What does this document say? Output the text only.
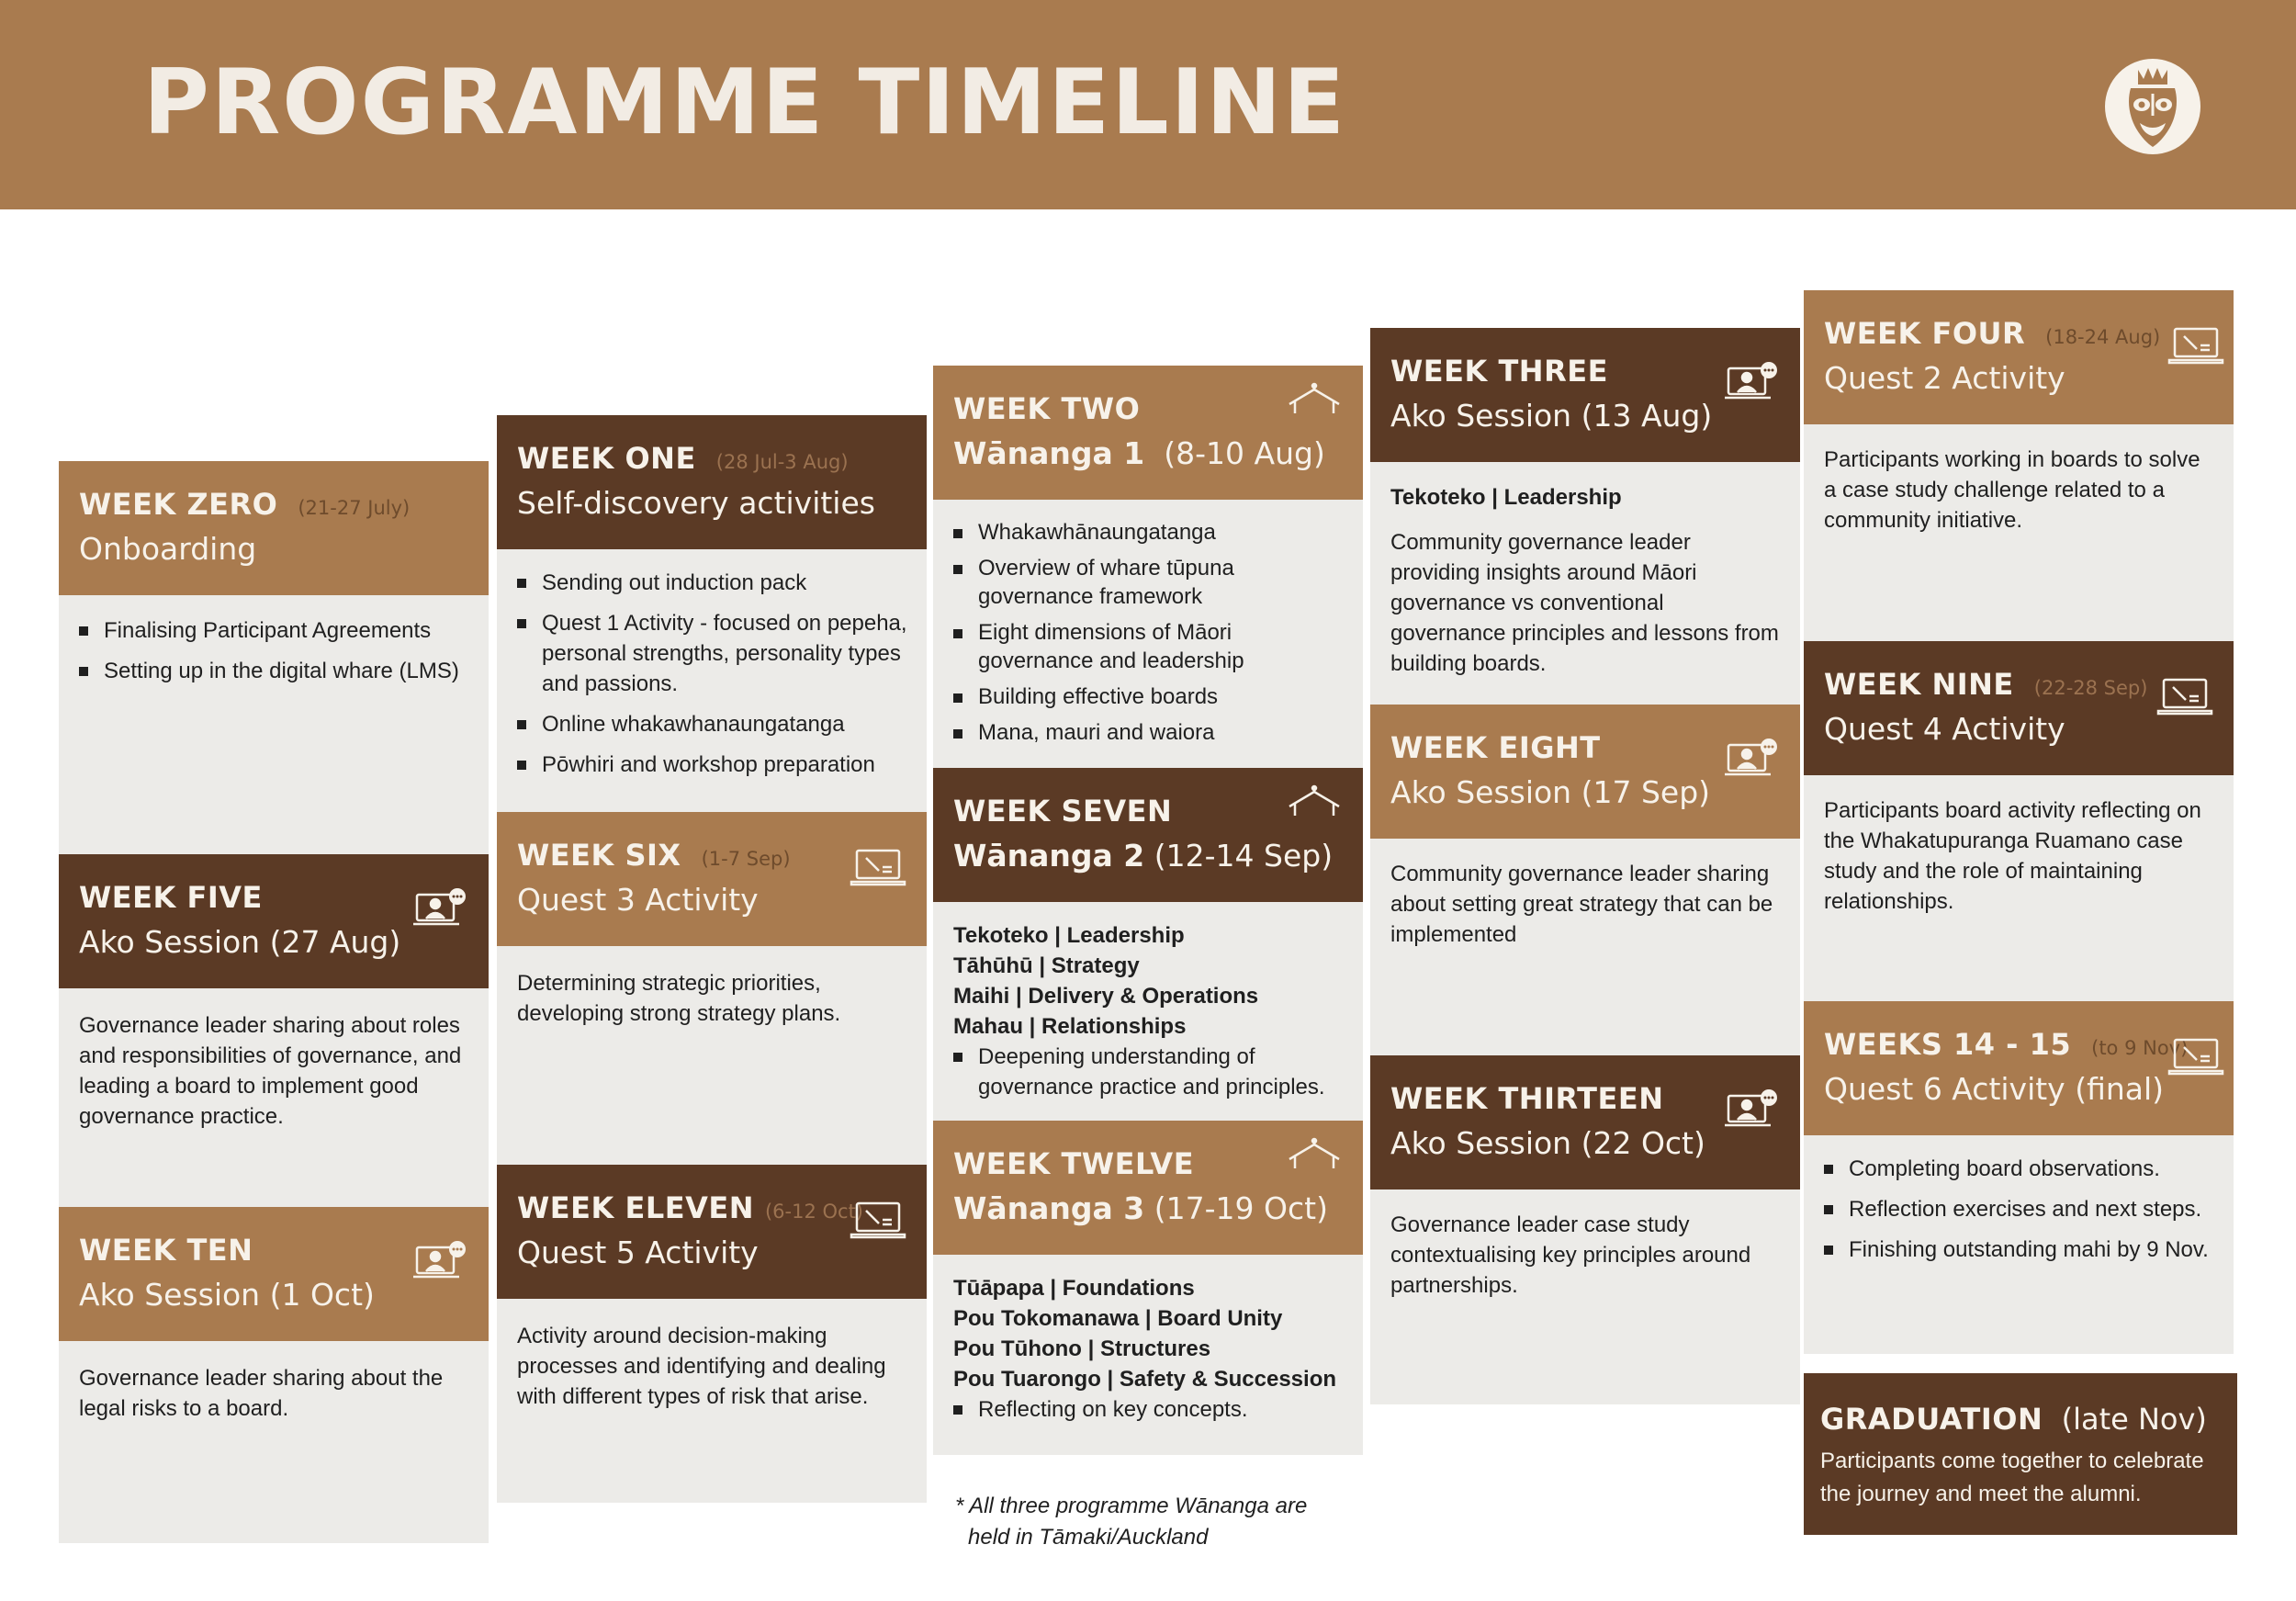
PROGRAMME TIMELINE
WEEK ZERO (21-27 July)
Onboarding
Finalising Participant Agreements
Setting up in the digital whare (LMS)
WEEK FIVE
Ako Session (27 Aug)

Governance leader sharing about roles and responsibilities of governance, and leading a board to implement good governance practice.

WEEK TEN
Ako Session (1 Oct)

Governance leader sharing about the legal risks to a board.

WEEK ONE (28 Jul-3 Aug)
Self-discovery activities
Sending out induction pack
Quest 1 Activity - focused on pepeha, personal strengths, personality types and passions.
Online whakawhanaungatanga
Pōwhiri and workshop preparation
WEEK SIX (1-7 Sep)
Quest 3 Activity

Determining strategic priorities, developing strong strategy plans.

WEEK ELEVEN (6-12 Oct)
Quest 5 Activity

Activity around decision-making processes and identifying and dealing with different types of risk that arise.

WEEK TWO
Wānanga 1 (8-10 Aug)
Whakawhānaungatanga
Overview of whare tūpuna governance framework
Eight dimensions of Māori governance and leadership
Building effective boards
Mana, mauri and waiora
WEEK SEVEN
Wānanga 2 (12-14 Sep)
Tekoteko | Leadership
Tāhūhū | Strategy
Maihi | Delivery & Operations
Mahau | Relationships
Deepening understanding of governance practice and principles.
WEEK TWELVE
Wānanga 3 (17-19 Oct)
Tūāpapa | Foundations
Pou Tokomanawa | Board Unity
Pou Tūhono | Structures
Pou Tuarongo | Safety & Succession
Reflecting on key concepts.
* All three programme Wānanga are
held in Tāmaki/Auckland
WEEK THREE
Ako Session (13 Aug)
Tekoteko | Leadership

Community governance leader providing insights around Māori governance vs conventional governance principles and lessons from building boards.

WEEK EIGHT
Ako Session (17 Sep)

Community governance leader sharing about setting great strategy that can be implemented

WEEK THIRTEEN
Ako Session (22 Oct)

Governance leader case study contextualising key principles around partnerships.

WEEK FOUR (18-24 Aug)
Quest 2 Activity

Participants working in boards to solve a case study challenge related to a community initiative.

WEEK NINE (22-28 Sep)
Quest 4 Activity

Participants board activity reflecting on the Whakatupuranga Ruamano case study and the role of maintaining relationships.

WEEKS 14 - 15 (to 9 Nov)
Quest 6 Activity (final)
Completing board observations.
Reflection exercises and next steps.
Finishing outstanding mahi by 9 Nov.
GRADUATION (late Nov)
Participants come together to celebrate the journey and meet the alumni.
